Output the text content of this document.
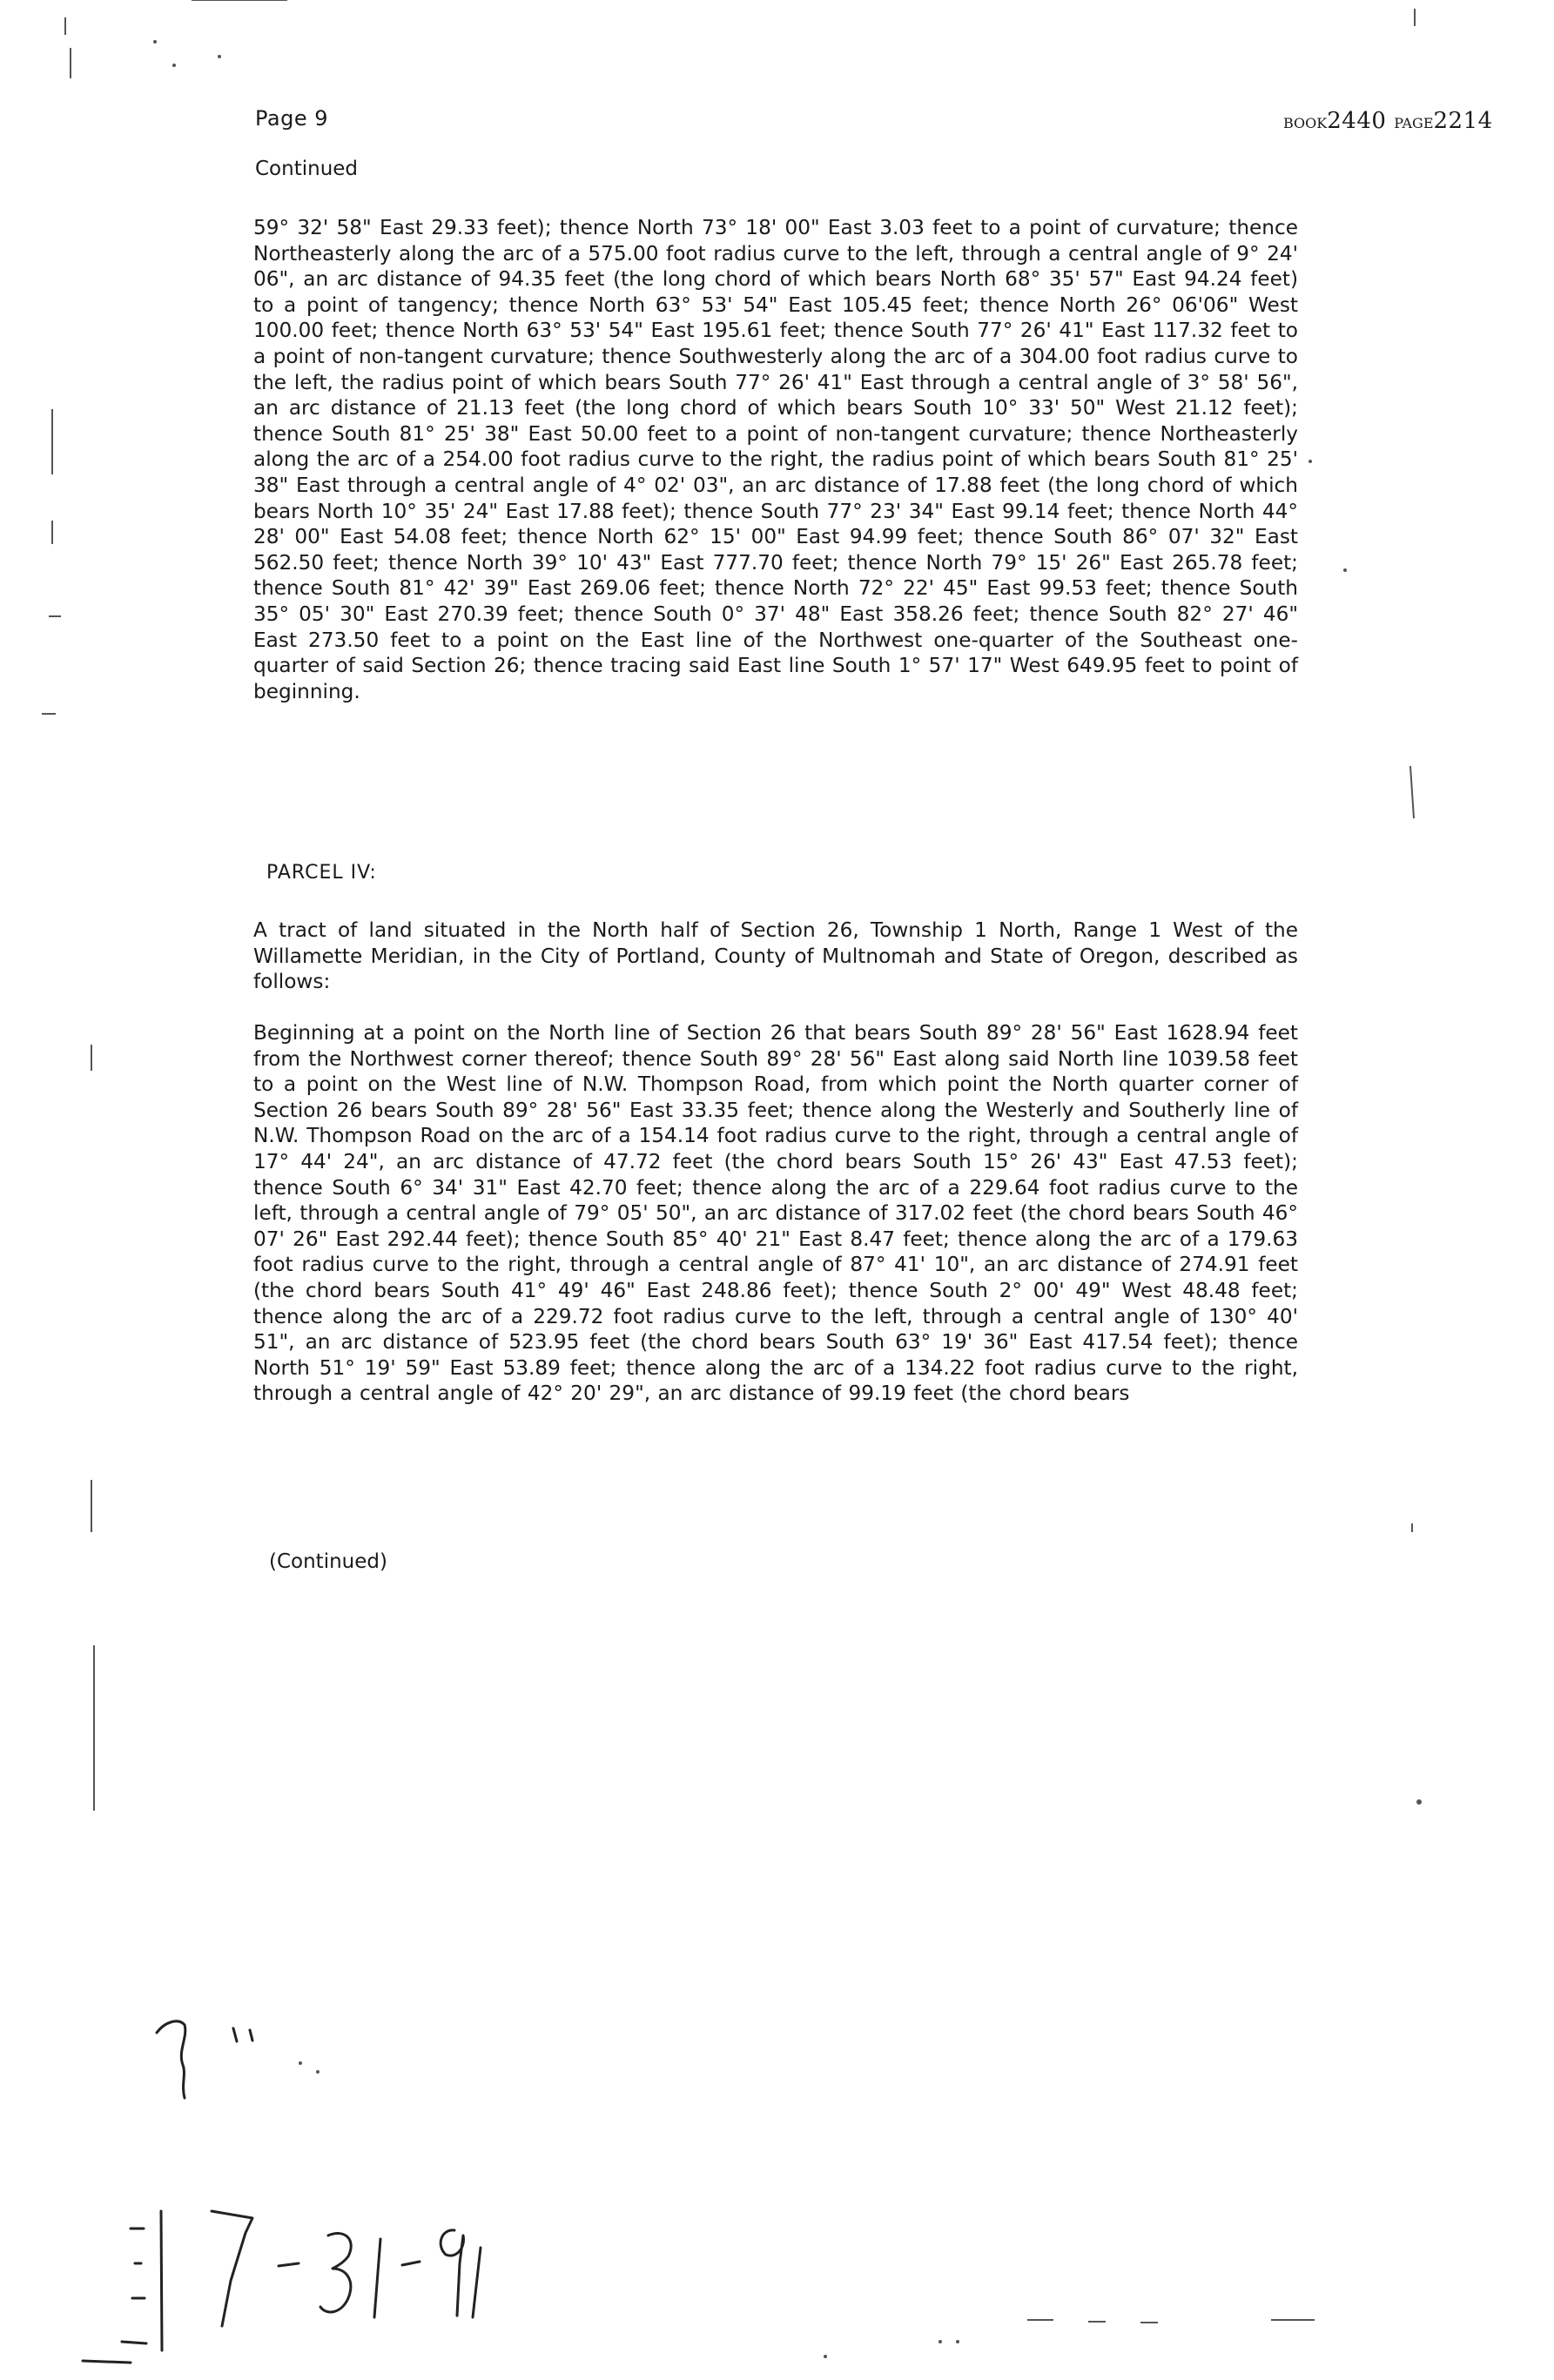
Page 9	BOOK2440 PAGE2214
Continued
59° 32' 58" East 29.33 feet); thence North 73° 18' 00" East 3.03 feet to a point of curvature; thence Northeasterly along the arc of a 575.00 foot radius curve to the left, through a central angle of 9° 24' 06", an arc distance of 94.35 feet (the long chord of which bears North 68° 35' 57" East 94.24 feet) to a point of tangency; thence North 63° 53' 54" East 105.45 feet; thence North 26° 06'06" West 100.00 feet; thence North 63° 53' 54" East 195.61 feet; thence South 77° 26' 41" East 117.32 feet to a point of non-tangent curvature; thence Southwesterly along the arc of a 304.00 foot radius curve to the left, the radius point of which bears South 77° 26' 41" East through a central angle of 3° 58' 56", an arc distance of 21.13 feet (the long chord of which bears South 10° 33' 50" West 21.12 feet); thence South 81° 25' 38" East 50.00 feet to a point of non-tangent curvature; thence Northeasterly along the arc of a 254.00 foot radius curve to the right, the radius point of which bears South 81° 25' 38" East through a central angle of 4° 02' 03", an arc distance of 17.88 feet (the long chord of which bears North 10° 35' 24" East 17.88 feet); thence South 77° 23' 34" East 99.14 feet; thence North 44° 28' 00" East 54.08 feet; thence North 62° 15' 00" East 94.99 feet; thence South 86° 07' 32" East 562.50 feet; thence North 39° 10' 43" East 777.70 feet; thence North 79° 15' 26" East 265.78 feet; thence South 81° 42' 39" East 269.06 feet; thence North 72° 22' 45" East 99.53 feet; thence South 35° 05' 30" East 270.39 feet; thence South 0° 37' 48" East 358.26 feet; thence South 82° 27' 46" East 273.50 feet to a point on the East line of the Northwest one-quarter of the Southeast one-quarter of said Section 26; thence tracing said East line South 1° 57' 17" West 649.95 feet to point of beginning.
PARCEL IV:
A tract of land situated in the North half of Section 26, Township 1 North, Range 1 West of the Willamette Meridian, in the City of Portland, County of Multnomah and State of Oregon, described as follows:
Beginning at a point on the North line of Section 26 that bears South 89° 28' 56" East 1628.94 feet from the Northwest corner thereof; thence South 89° 28' 56" East along said North line 1039.58 feet to a point on the West line of N.W. Thompson Road, from which point the North quarter corner of Section 26 bears South 89° 28' 56" East 33.35 feet; thence along the Westerly and Southerly line of N.W. Thompson Road on the arc of a 154.14 foot radius curve to the right, through a central angle of 17° 44' 24", an arc distance of 47.72 feet (the chord bears South 15° 26' 43" East 47.53 feet); thence South 6° 34' 31" East 42.70 feet; thence along the arc of a 229.64 foot radius curve to the left, through a central angle of 79° 05' 50", an arc distance of 317.02 feet (the chord bears South 46° 07' 26" East 292.44 feet); thence South 85° 40' 21" East 8.47 feet; thence along the arc of a 179.63 foot radius curve to the right, through a central angle of 87° 41' 10", an arc distance of 274.91 feet (the chord bears South 41° 49' 46" East 248.86 feet); thence South 2° 00' 49" West 48.48 feet; thence along the arc of a 229.72 foot radius curve to the left, through a central angle of 130° 40' 51", an arc distance of 523.95 feet (the chord bears South 63° 19' 36" East 417.54 feet); thence North 51° 19' 59" East 53.89 feet; thence along the arc of a 134.22 foot radius curve to the right, through a central angle of 42° 20' 29", an arc distance of 99.19 feet (the chord bears
(Continued)
